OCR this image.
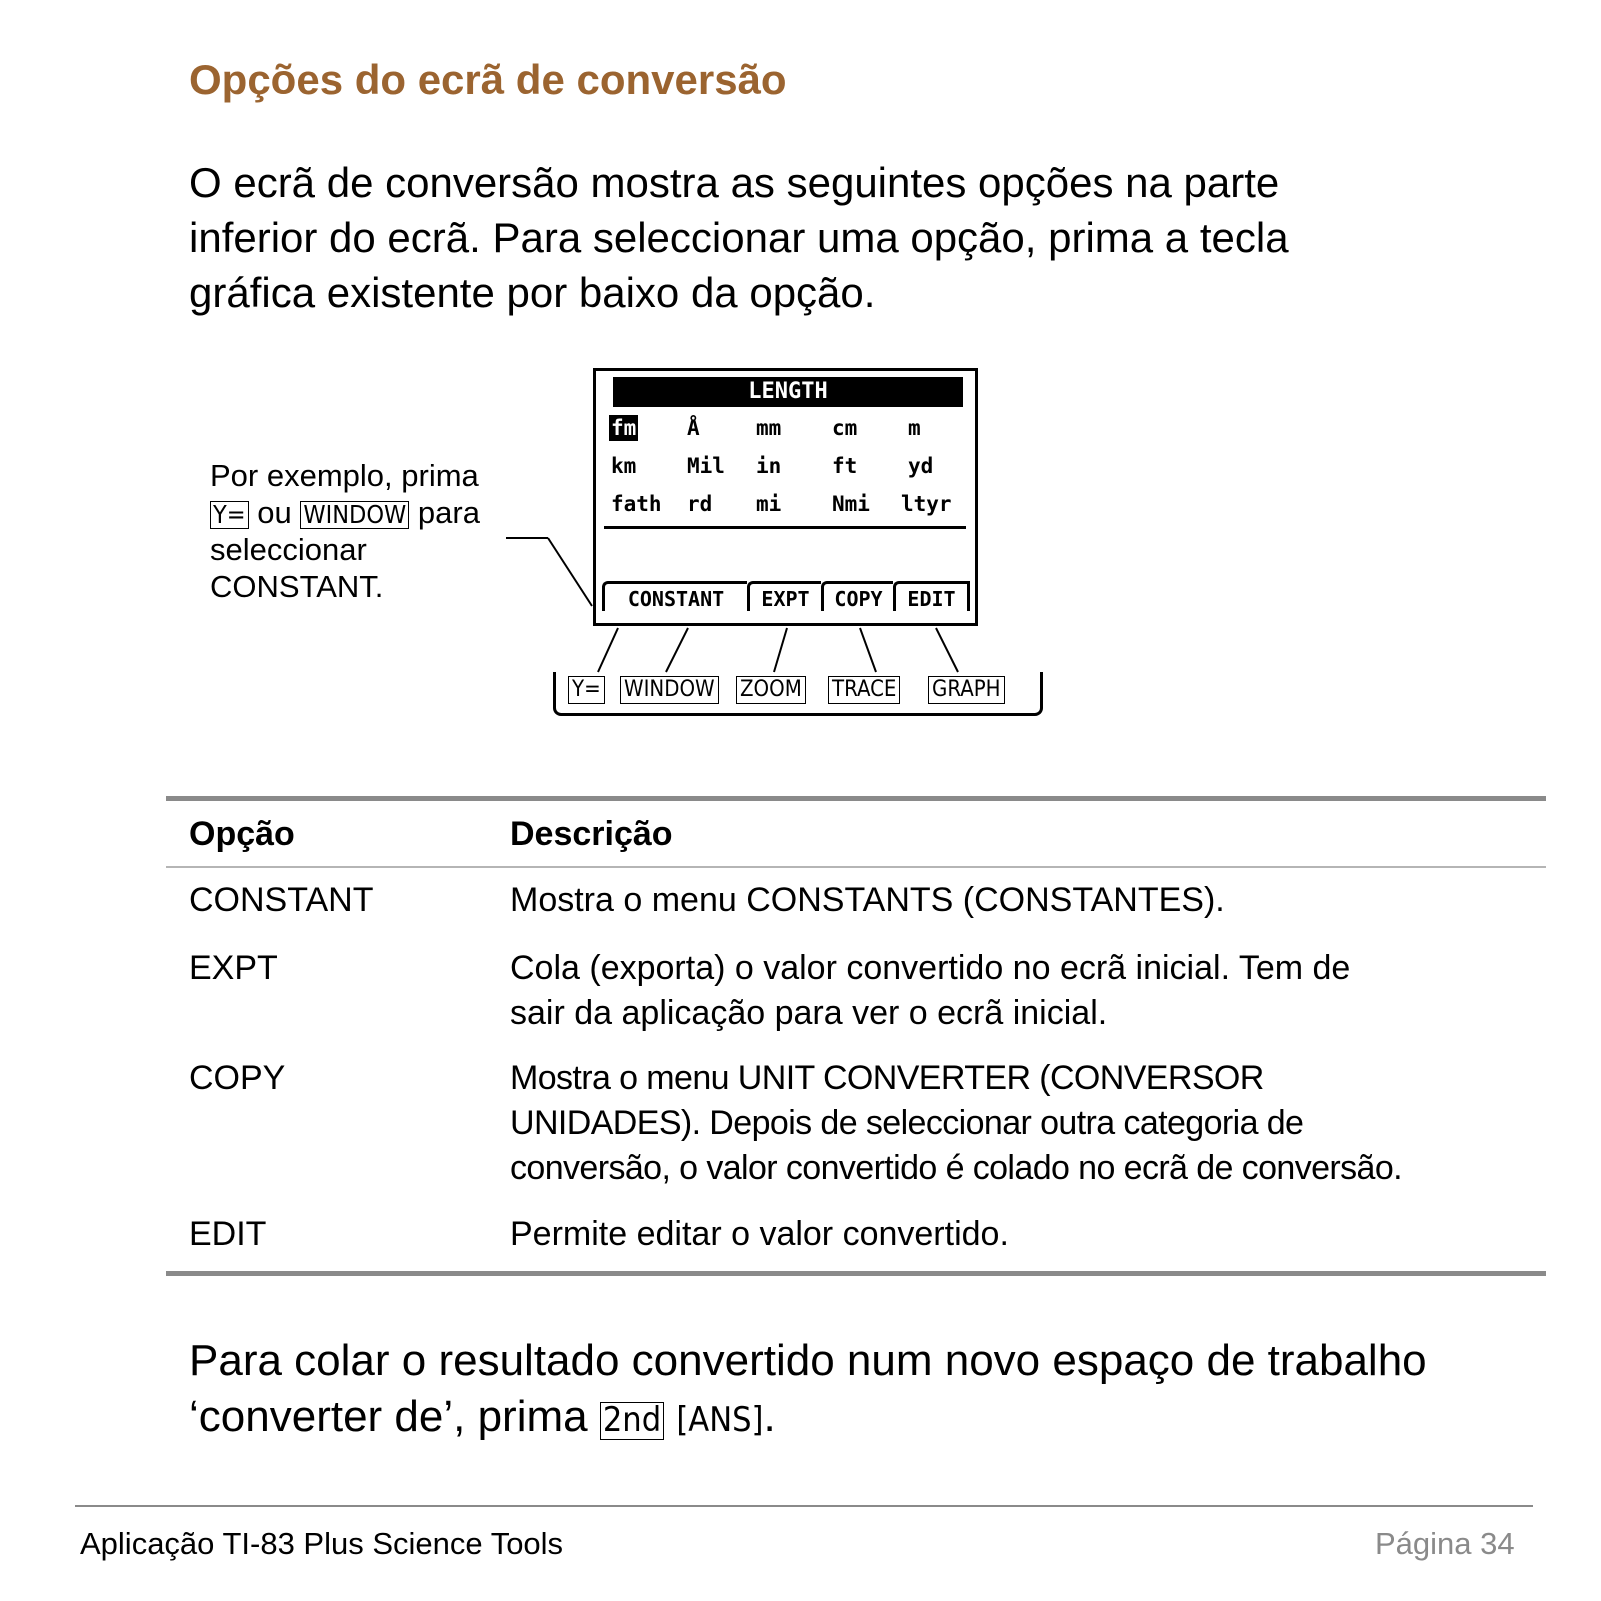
Opções do ecrã de conversão
O ecrã de conversão mostra as seguintes opções na parte
inferior do ecrã. Para seleccionar uma opção, prima a tecla
gráfica existente por baixo da opção.
Por exemplo, prima
Y= ou WINDOW para
seleccionar
CONSTANT.
LENGTH
fm Å	mm cm m
km Mil in ft yd
fath rd mi Nmi ltyr
CONSTANT	EXPT	COPY	EDIT
Y= WINDOW ZOOM TRACE GRAPH
Opção	Descrição
CONSTANT	Mostra o menu CONSTANTS (CONSTANTES).
EXPT	Cola (exporta) o valor convertido no ecrã inicial. Tem de
sair da aplicação para ver o ecrã inicial.
COPY	Mostra o menu UNIT CONVERTER (CONVERSOR
UNIDADES). Depois de seleccionar outra categoria de
conversão, o valor convertido é colado no ecrã de conversão.
EDIT	Permite editar o valor convertido.
Para colar o resultado convertido num novo espaço de trabalho
‘converter de’, prima 2nd [ANS].
Aplicação TI-83 Plus Science Tools	Página 34
